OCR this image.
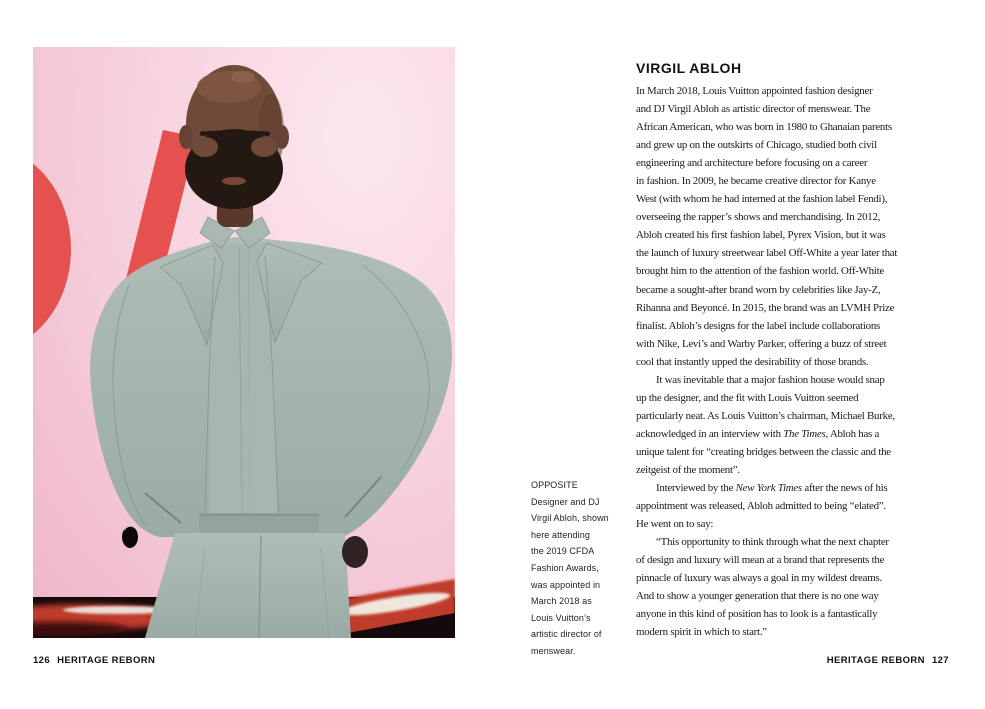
OPPOSITE
Designer and DJ
Virgil Abloh, shown
here attending
the 2019 CFDA
Fashion Awards,
was appointed in
March 2018 as
Louis Vuitton’s
artistic director of
menswear.
VIRGIL ABLOH
In March 2018, Louis Vuitton appointed fashion designer
and DJ Virgil Abloh as artistic director of menswear. The
African American, who was born in 1980 to Ghanaian parents
and grew up on the outskirts of Chicago, studied both civil
engineering and architecture before focusing on a career
in fashion. In 2009, he became creative director for Kanye
West (with whom he had interned at the fashion label Fendi),
overseeing the rapper’s shows and merchandising. In 2012,
Abloh created his first fashion label, Pyrex Vision, but it was
the launch of luxury streetwear label Off-White a year later that
brought him to the attention of the fashion world. Off-White
became a sought-after brand worn by celebrities like Jay-Z,
Rihanna and Beyoncé. In 2015, the brand was an LVMH Prize
finalist. Abloh’s designs for the label include collaborations
with Nike, Levi’s and Warby Parker, offering a buzz of street
cool that instantly upped the desirability of those brands.
It was inevitable that a major fashion house would snap
up the designer, and the fit with Louis Vuitton seemed
particularly neat. As Louis Vuitton’s chairman, Michael Burke,
acknowledged in an interview with The Times, Abloh has a
unique talent for “creating bridges between the classic and the
zeitgeist of the moment”.
Interviewed by the New York Times after the news of his
appointment was released, Abloh admitted to being “elated”.
He went on to say:
“This opportunity to think through what the next chapter
of design and luxury will mean at a brand that represents the
pinnacle of luxury was always a goal in my wildest dreams.
And to show a younger generation that there is no one way
anyone in this kind of position has to look is a fantastically
modern spirit in which to start.”
126 HERITAGE REBORN	HERITAGE REBORN 127
